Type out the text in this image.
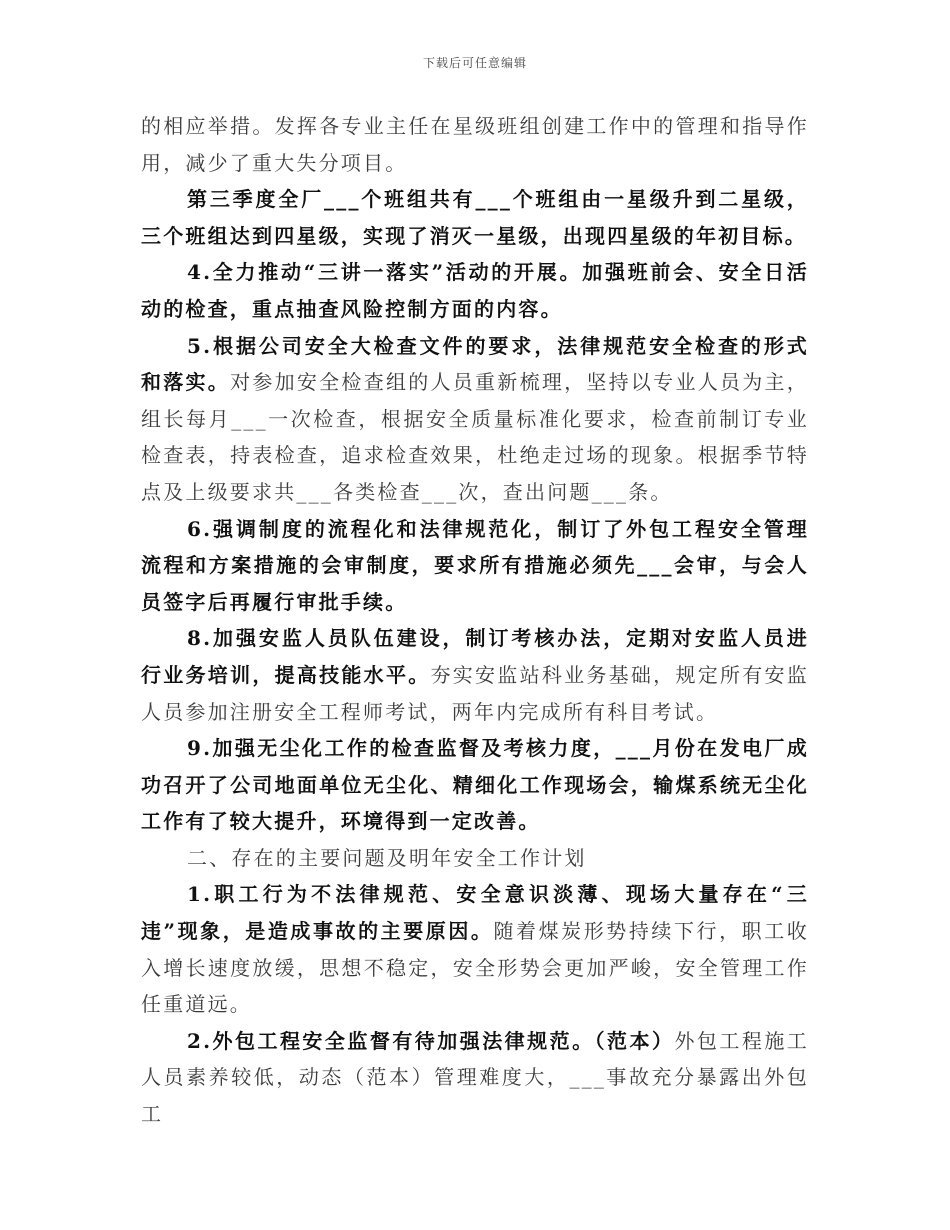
下载后可任意编辑

的相应举措。发挥各专业主任在星级班组创建工作中的管理和指导作用，减少了重大失分项目。

第三季度全厂___个班组共有___个班组由一星级升到二星级，三个班组达到四星级，实现了消灭一星级，出现四星级的年初目标。

4.全力推动“三讲一落实”活动的开展。加强班前会、安全日活动的检查，重点抽查风险控制方面的内容。

5.根据公司安全大检查文件的要求，法律规范安全检查的形式和落实。对参加安全检查组的人员重新梳理，坚持以专业人员为主，组长每月___一次检查，根据安全质量标准化要求，检查前制订专业检查表，持表检查，追求检查效果，杜绝走过场的现象。根据季节特点及上级要求共___各类检查___次，查出问题___条。

6.强调制度的流程化和法律规范化，制订了外包工程安全管理流程和方案措施的会审制度，要求所有措施必须先___会审，与会人员签字后再履行审批手续。

8.加强安监人员队伍建设，制订考核办法，定期对安监人员进行业务培训，提高技能水平。夯实安监站科业务基础，规定所有安监人员参加注册安全工程师考试，两年内完成所有科目考试。

9.加强无尘化工作的检查监督及考核力度，___月份在发电厂成功召开了公司地面单位无尘化、精细化工作现场会，输煤系统无尘化工作有了较大提升，环境得到一定改善。

二、存在的主要问题及明年安全工作计划

1.职工行为不法律规范、安全意识淡薄、现场大量存在“三违”现象，是造成事故的主要原因。随着煤炭形势持续下行，职工收入增长速度放缓，思想不稳定，安全形势会更加严峻，安全管理工作任重道远。

2.外包工程安全监督有待加强法律规范。（范本）外包工程施工人员素养较低，动态（范本）管理难度大，___事故充分暴露出外包工
